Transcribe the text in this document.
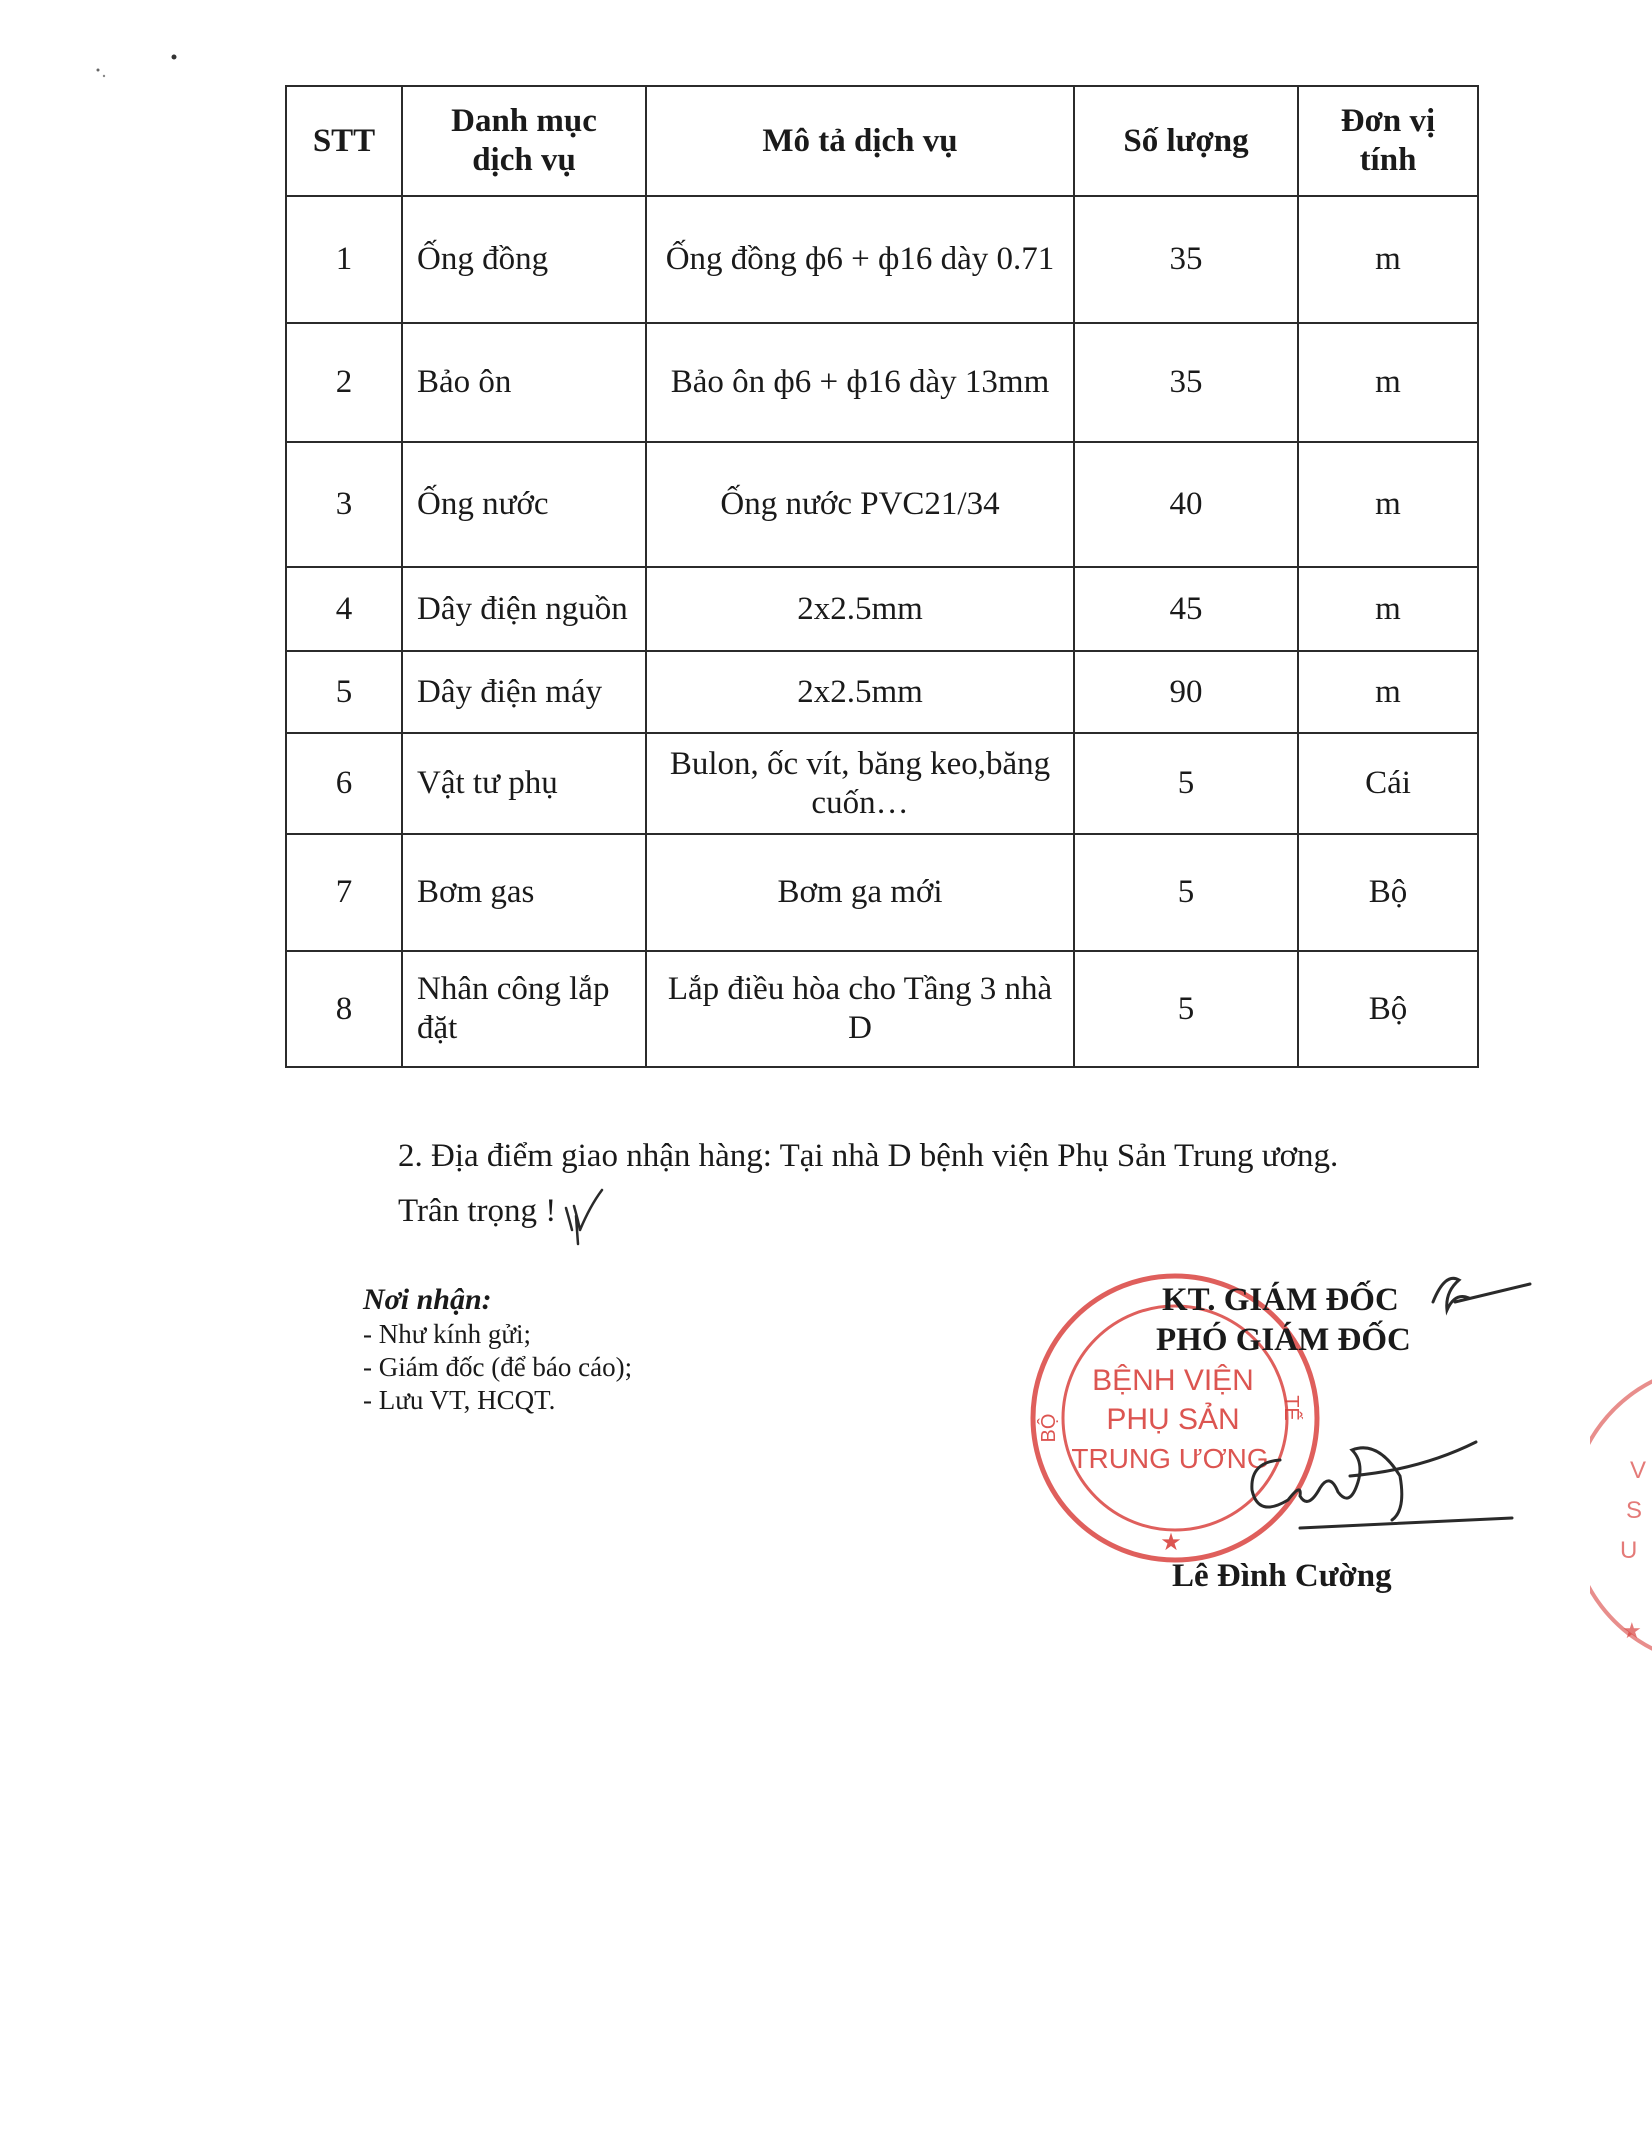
STT	Danh mục dịch vụ	Mô tả dịch vụ	Số lượng	Đơn vị tính
1	Ống đồng	Ống đồng ф6 + ф16 dày 0.71	35	m
2	Bảo ôn	Bảo ôn ф6 + ф16 dày 13mm	35	m
3	Ống nước	Ống nước PVC21/34	40	m
4	Dây điện nguồn	2x2.5mm	45	m
5	Dây điện máy	2x2.5mm	90	m
6	Vật tư phụ	Bulon, ốc vít, băng keo,băng cuốn…	5	Cái
7	Bơm gas	Bơm ga mới	5	Bộ
8	Nhân công lắp đặt	Lắp điều hòa cho Tầng 3 nhà D	5	Bộ
2. Địa điểm giao nhận hàng: Tại nhà D bệnh viện Phụ Sản Trung ương.
Trân trọng !
Nơi nhận:
- Như kính gửi;
- Giám đốc (để báo cáo);
- Lưu VT, HCQT.
BỆNH VIỆN
PHỤ SẢN
TRUNG ƯƠNG
BỘ
TẾ
★
V
S
U
★
KT. GIÁM ĐỐC
PHÓ GIÁM ĐỐC
Lê Đình Cường
